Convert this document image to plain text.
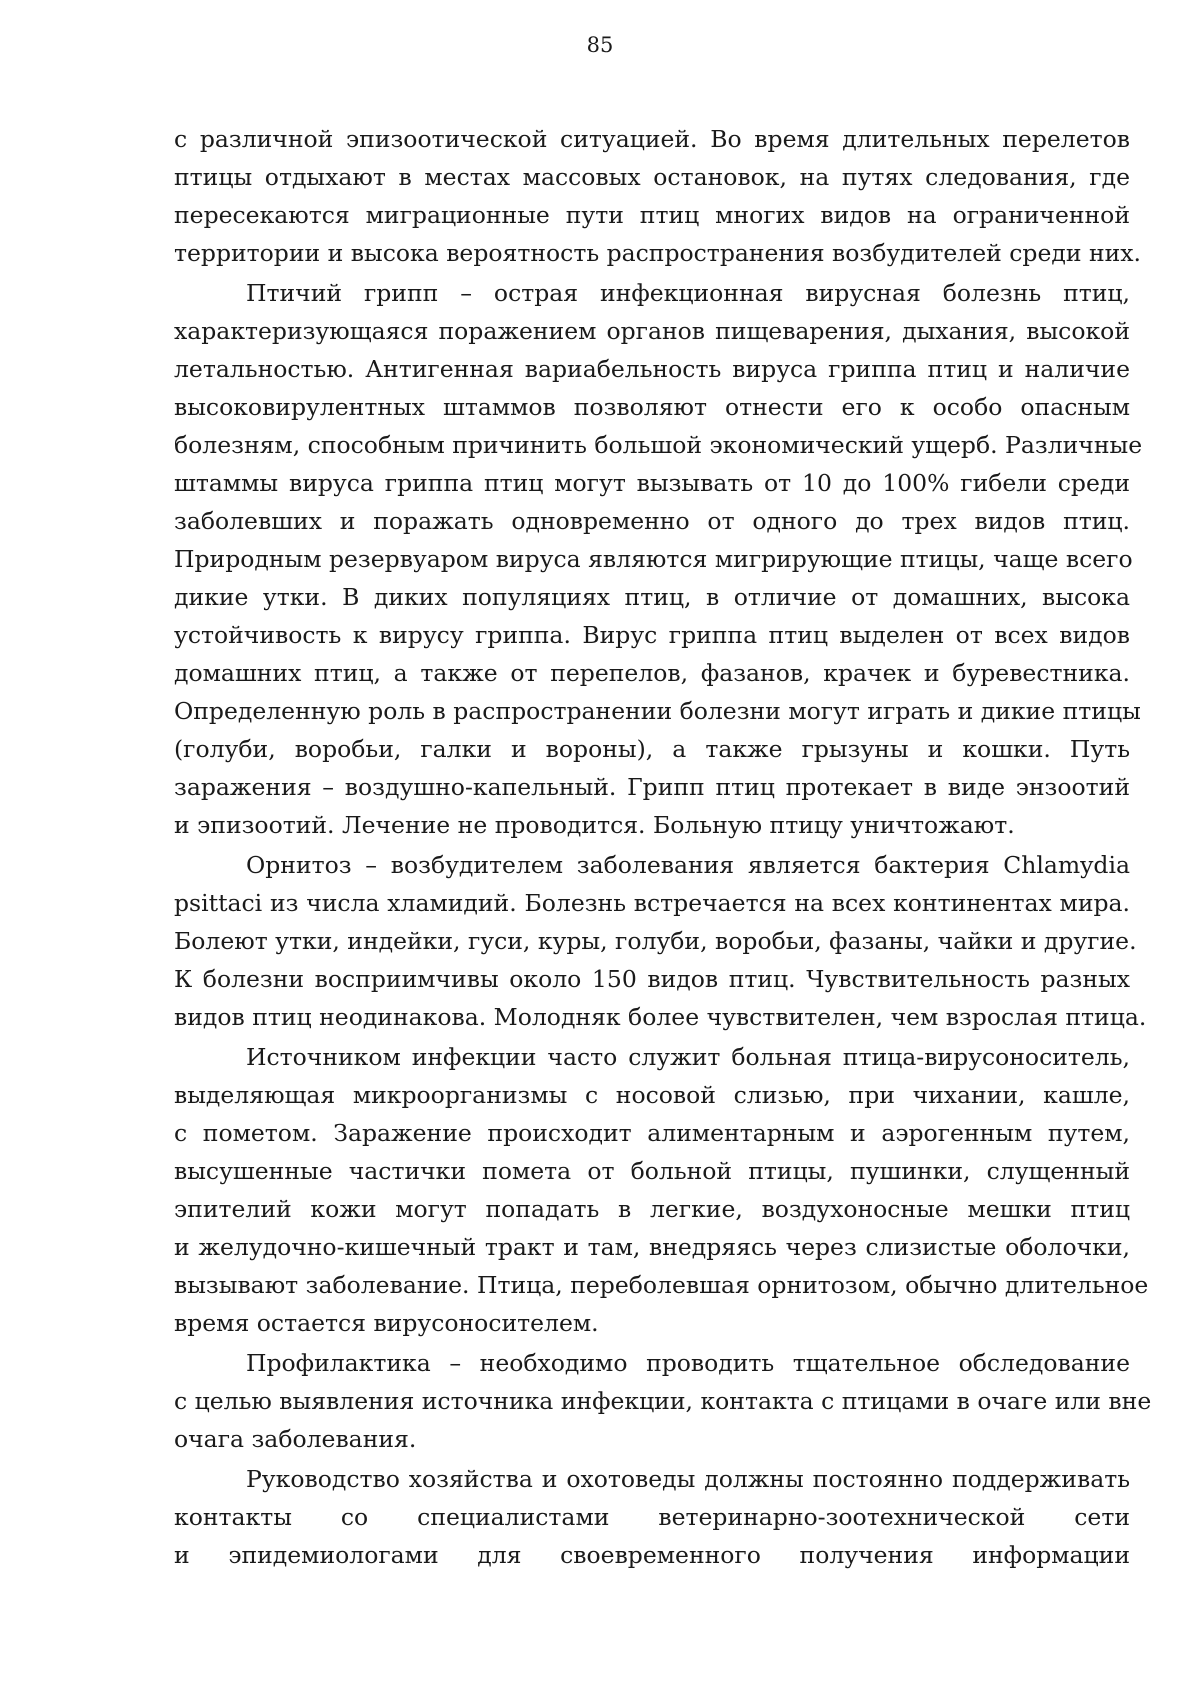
85

с различной эпизоотической ситуацией. Во время длительных перелетов
птицы отдыхают в местах массовых остановок, на путях следования, где
пересекаются миграционные пути птиц многих видов на ограниченной
территории и высока вероятность распространения возбудителей среди них.

Птичий грипп – острая инфекционная вирусная болезнь птиц,
характеризующаяся поражением органов пищеварения, дыхания, высокой
летальностью. Антигенная вариабельность вируса гриппа птиц и наличие
высоковирулентных штаммов позволяют отнести его к особо опасным
болезням, способным причинить большой экономический ущерб. Различные
штаммы вируса гриппа птиц могут вызывать от 10 до 100% гибели среди
заболевших и поражать одновременно от одного до трех видов птиц.
Природным резервуаром вируса являются мигрирующие птицы, чаще всего
дикие утки. В диких популяциях птиц, в отличие от домашних, высока
устойчивость к вирусу гриппа. Вирус гриппа птиц выделен от всех видов
домашних птиц, а также от перепелов, фазанов, крачек и буревестника.
Определенную роль в распространении болезни могут играть и дикие птицы
(голуби, воробьи, галки и вороны), а также грызуны и кошки. Путь
заражения – воздушно-капельный. Грипп птиц протекает в виде энзоотий
и эпизоотий. Лечение не проводится. Больную птицу уничтожают.

Орнитоз – возбудителем заболевания является бактерия Chlamydia
psittaci из числа хламидий. Болезнь встречается на всех континентах мира.
Болеют утки, индейки, гуси, куры, голуби, воробьи, фазаны, чайки и другие.
К болезни восприимчивы около 150 видов птиц. Чувствительность разных
видов птиц неодинакова. Молодняк более чувствителен, чем взрослая птица.

Источником инфекции часто служит больная птица-вирусоноситель,
выделяющая микроорганизмы с носовой слизью, при чихании, кашле,
с пометом. Заражение происходит алиментарным и аэрогенным путем,
высушенные частички помета от больной птицы, пушинки, слущенный
эпителий кожи могут попадать в легкие, воздухоносные мешки птиц
и желудочно-кишечный тракт и там, внедряясь через слизистые оболочки,
вызывают заболевание. Птица, переболевшая орнитозом, обычно длительное
время остается вирусоносителем.

Профилактика – необходимо проводить тщательное обследование
с целью выявления источника инфекции, контакта с птицами в очаге или вне
очага заболевания.

Руководство хозяйства и охотоведы должны постоянно поддерживать
контакты со специалистами ветеринарно-зоотехнической сети
и эпидемиологами для своевременного получения информации
